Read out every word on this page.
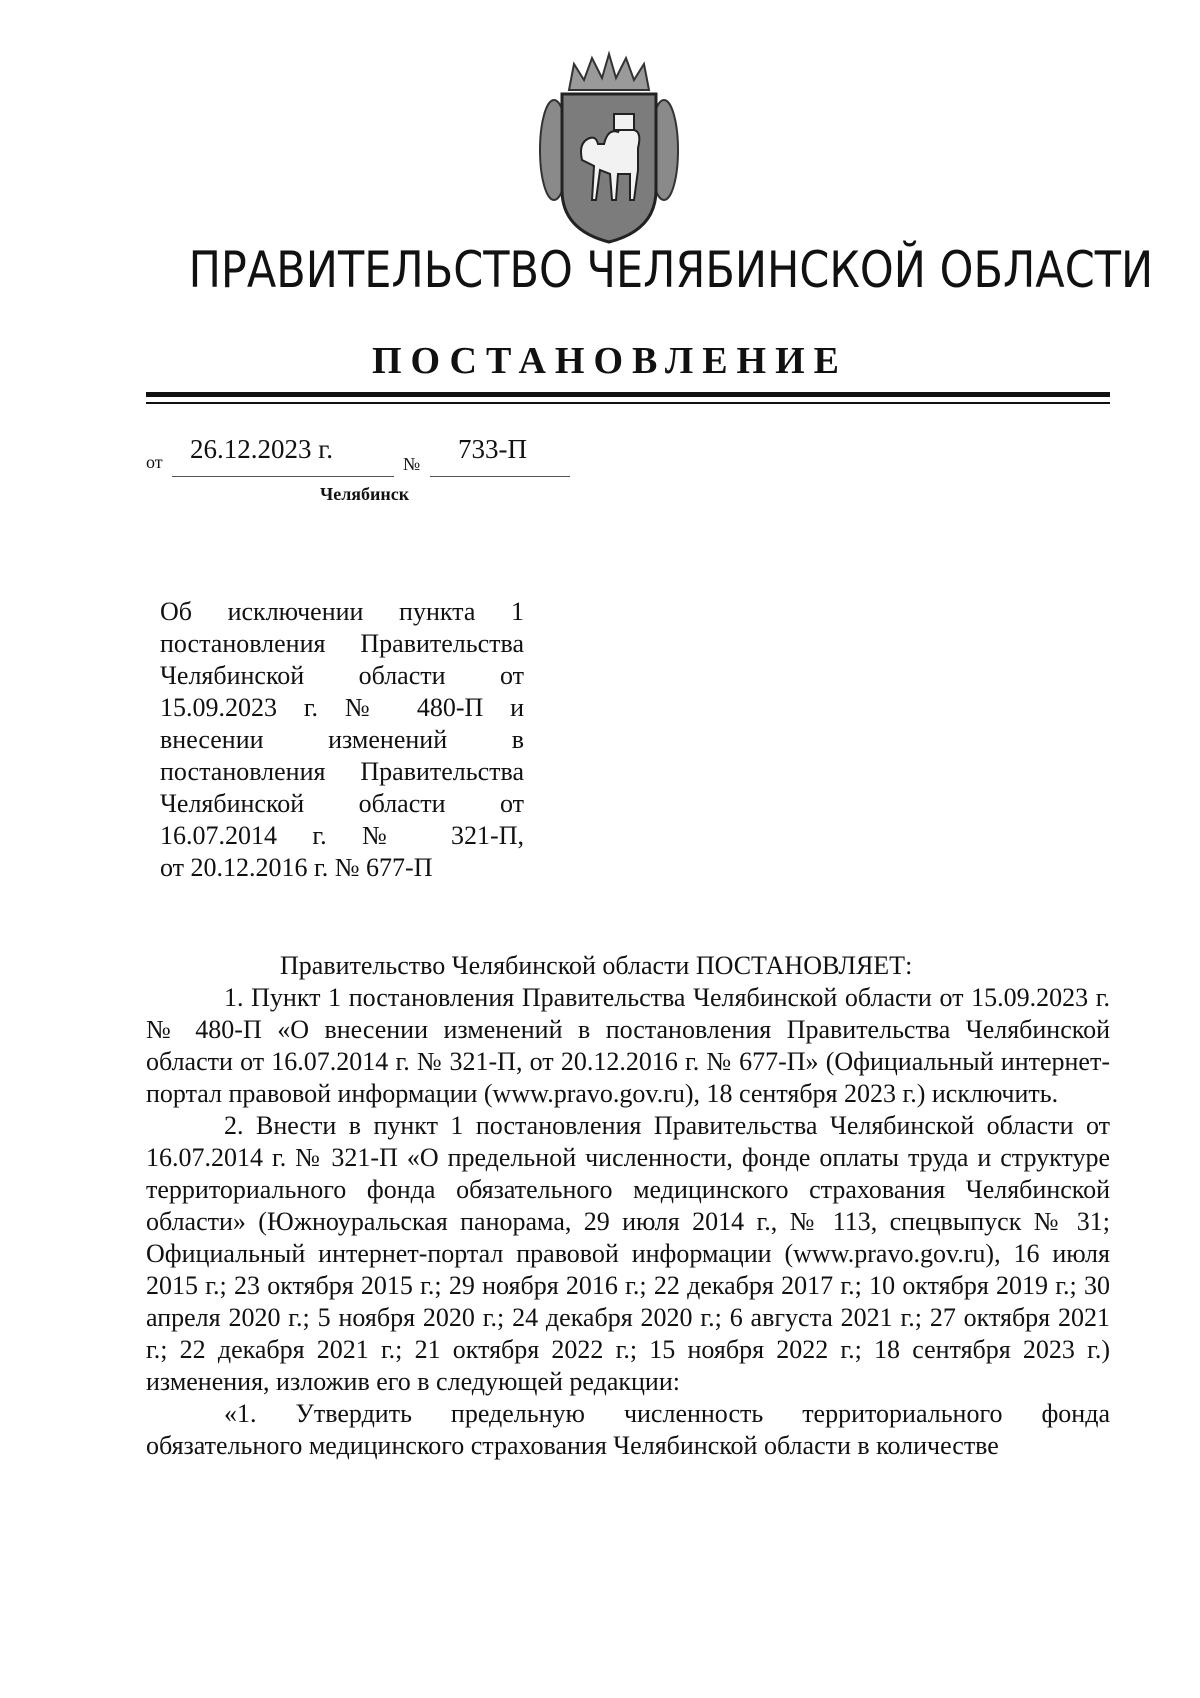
ПРАВИТЕЛЬСТВО ЧЕЛЯБИНСКОЙ ОБЛАСТИ
ПОСТАНОВЛЕНИЕ
от 26.12.2023 г.	№ 733-П
Челябинск
Об исключении пункта 1 постановления Правительства Челябинской области от 15.09.2023 г. № 480-П и внесении изменений в постановления Правительства Челябинской области от 16.07.2014 г. № 321-П,
от 20.12.2016 г. № 677-П

Правительство Челябинской области ПОСТАНОВЛЯЕТ:

1. Пункт 1 постановления Правительства Челябинской области от 15.09.2023 г. № 480-П «О внесении изменений в постановления Правительства Челябинской области от 16.07.2014 г. № 321-П, от 20.12.2016 г. № 677-П» (Официальный интернет-портал правовой информации (www.pravo.gov.ru), 18 сентября 2023 г.) исключить.

2. Внести в пункт 1 постановления Правительства Челябинской области от 16.07.2014 г. № 321-П «О предельной численности, фонде оплаты труда и структуре территориального фонда обязательного медицинского страхования Челябинской области» (Южноуральская панорама, 29 июля 2014 г., № 113, спецвыпуск № 31; Официальный интернет-портал правовой информации (www.pravo.gov.ru), 16 июля 2015 г.; 23 октября 2015 г.; 29 ноября 2016 г.; 22 декабря 2017 г.; 10 октября 2019 г.; 30 апреля 2020 г.; 5 ноября 2020 г.; 24 декабря 2020 г.; 6 августа 2021 г.; 27 октября 2021 г.; 22 декабря 2021 г.; 21 октября 2022 г.; 15 ноября 2022 г.; 18 сентября 2023 г.) изменения, изложив его в следующей редакции:

«1. Утвердить предельную численность территориального фонда обязательного медицинского страхования Челябинской области в количестве
